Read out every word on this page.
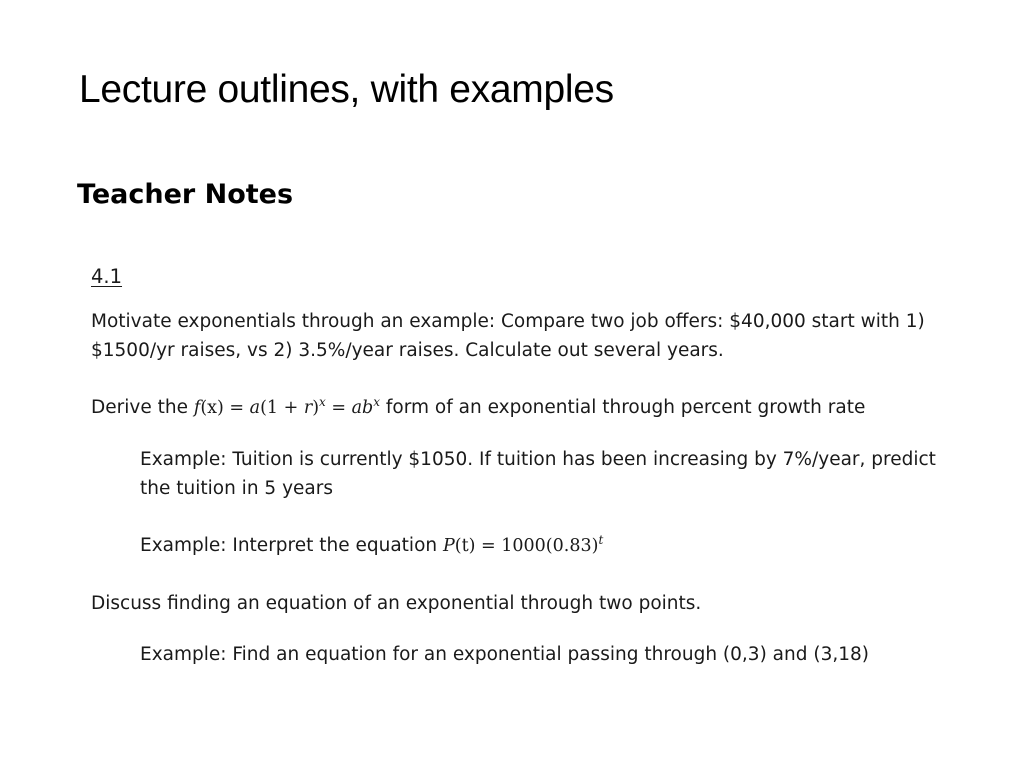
Lecture outlines, with examples
Teacher Notes
4.1
Motivate exponentials through an example: Compare two job offers: $40,000 start with 1) $1500/yr raises, vs 2) 3.5%/year raises. Calculate out several years.
Derive the $f(x) = a(1 + r)^x = ab^x$ form of an exponential through percent growth rate
Example: Tuition is currently $1050. If tuition has been increasing by 7%/year, predict the tuition in 5 years
Example: Interpret the equation $P(t) = 1000(0.83)^t$
Discuss finding an equation of an exponential through two points.
Example: Find an equation for an exponential passing through (0,3) and (3,18)
